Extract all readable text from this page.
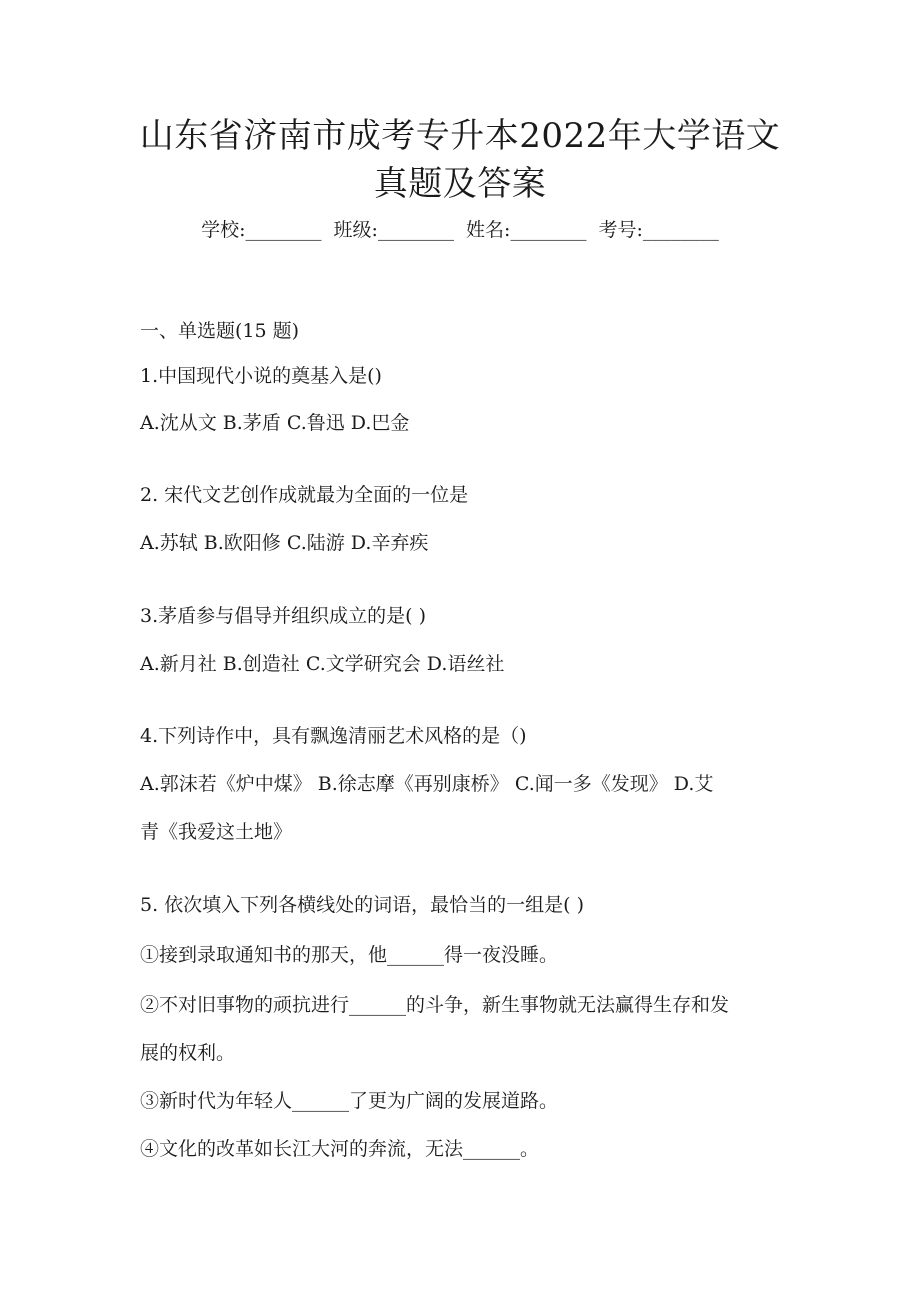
山东省济南市成考专升本2022年大学语文
真题及答案
学校:________  班级:________  姓名:________  考号:________
一、单选题(15 题)
1.中国现代小说的奠基入是()
A.沈从文 B.茅盾 C.鲁迅 D.巴金
2. 宋代文艺创作成就最为全面的一位是
A.苏轼 B.欧阳修 C.陆游 D.辛弃疾
3.茅盾参与倡导并组织成立的是( )
A.新月社 B.创造社 C.文学研究会 D.语丝社
4.下列诗作中，具有飘逸清丽艺术风格的是（)
A.郭沫若《炉中煤》 B.徐志摩《再别康桥》 C.闻一多《发现》 D.艾
青《我爱这土地》
5. 依次填入下列各横线处的词语，最恰当的一组是( )
①接到录取通知书的那天，他______得一夜没睡。
②不对旧事物的顽抗进行______的斗争，新生事物就无法赢得生存和发
展的权利。
③新时代为年轻人______了更为广阔的发展道路。
④文化的改革如长江大河的奔流，无法______。
